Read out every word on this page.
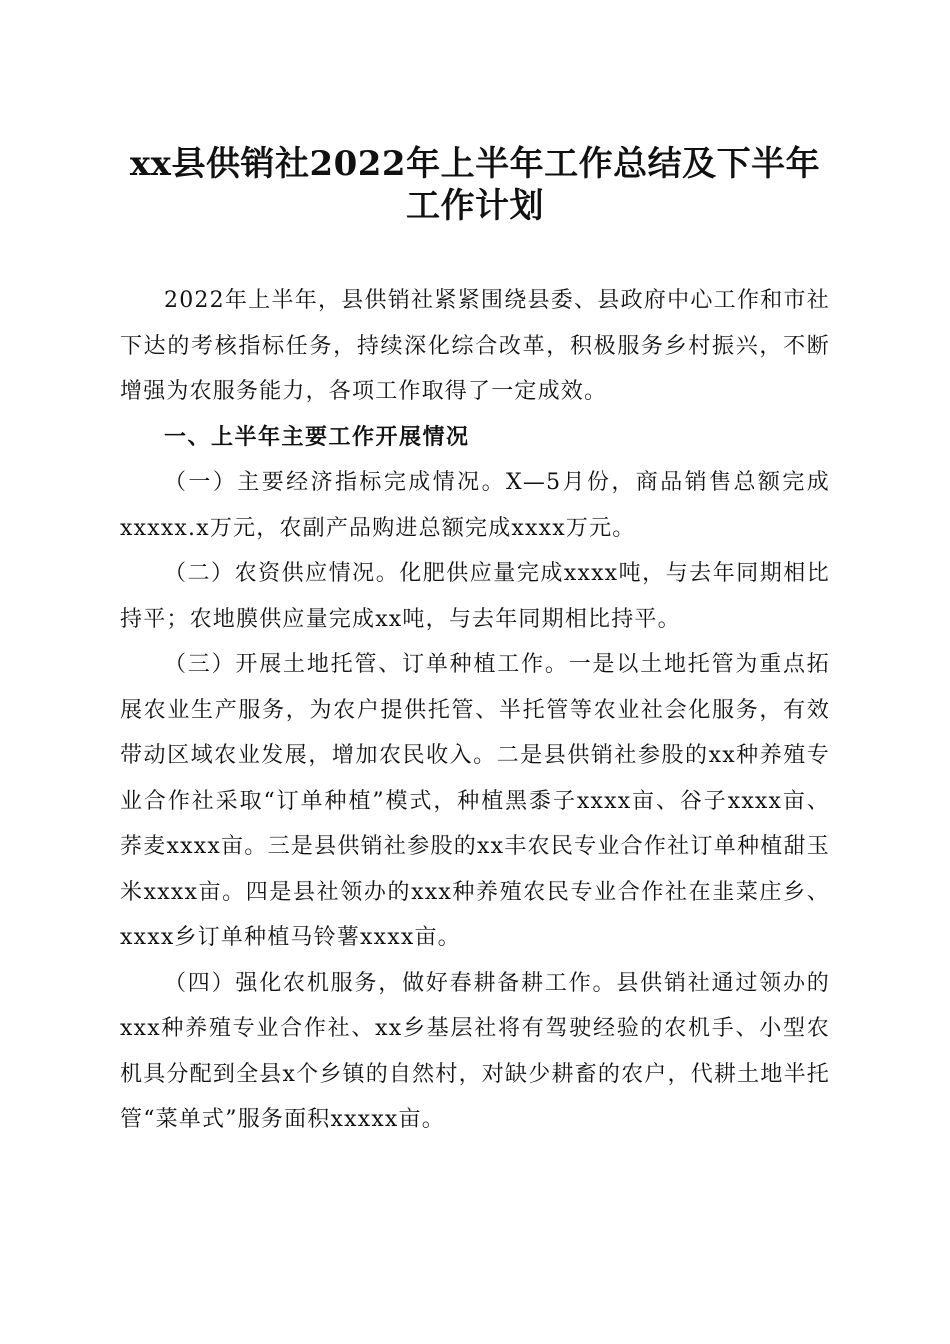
xx县供销社2022年上半年工作总结及下半年
工作计划

2022年上半年，县供销社紧紧围绕县委、县政府中心工作和市社下达的考核指标任务，持续深化综合改革，积极服务乡村振兴，不断增强为农服务能力，各项工作取得了一定成效。

一、上半年主要工作开展情况

（一）主要经济指标完成情况。X—5月份，商品销售总额完成xxxxx.x万元，农副产品购进总额完成xxxx万元。

（二）农资供应情况。化肥供应量完成xxxx吨，与去年同期相比持平；农地膜供应量完成xx吨，与去年同期相比持平。

（三）开展土地托管、订单种植工作。一是以土地托管为重点拓展农业生产服务，为农户提供托管、半托管等农业社会化服务，有效带动区域农业发展，增加农民收入。二是县供销社参股的xx种养殖专业合作社采取“订单种植”模式，种植黑黍子xxxx亩、谷子xxxx亩、荞麦xxxx亩。三是县供销社参股的xx丰农民专业合作社订单种植甜玉米xxxx亩。四是县社领办的xxx种养殖农民专业合作社在韭菜庄乡、xxxx乡订单种植马铃薯xxxx亩。

（四）强化农机服务，做好春耕备耕工作。县供销社通过领办的xxx种养殖专业合作社、xx乡基层社将有驾驶经验的农机手、小型农机具分配到全县x个乡镇的自然村，对缺少耕畜的农户，代耕土地半托管“菜单式”服务面积xxxxx亩。
